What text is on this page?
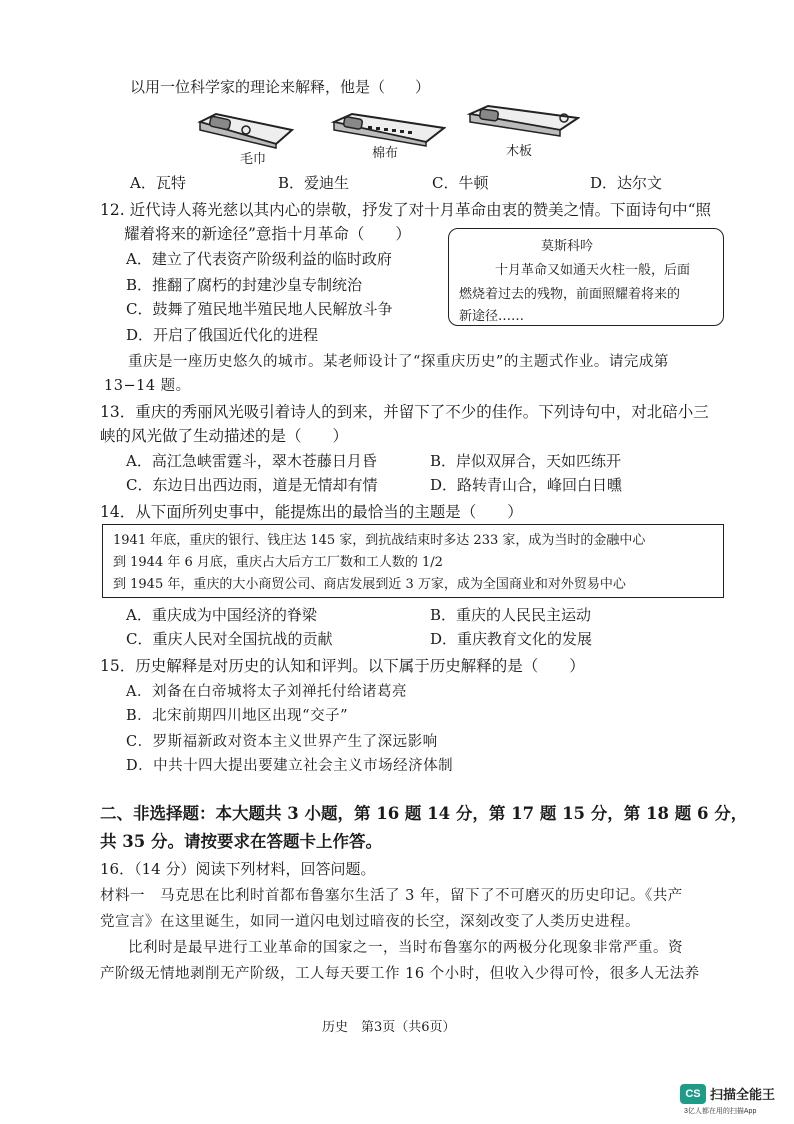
以用一位科学家的理论来解释，他是（　　）
毛巾	棉布	木板
A．瓦特	B．爱迪生	C．牛顿	D．达尔文
12. 近代诗人蒋光慈以其内心的崇敬，抒发了对十月革命由衷的赞美之情。下面诗句中“照
耀着将来的新途径”意指十月革命（　　）
A．建立了代表资产阶级利益的临时政府
B．推翻了腐朽的封建沙皇专制统治
C．鼓舞了殖民地半殖民地人民解放斗争
D．开启了俄国近代化的进程
莫斯科吟
十月革命又如通天火柱一般，后面
燃烧着过去的残物，前面照耀着将来的
新途径……
重庆是一座历史悠久的城市。某老师设计了“探重庆历史”的主题式作业。请完成第
13−14 题。
13．重庆的秀丽风光吸引着诗人的到来，并留下了不少的佳作。下列诗句中，对北碚小三
峡的风光做了生动描述的是（　　）
A．高江急峡雷霆斗，翠木苍藤日月昏	B．岸似双屏合，天如匹练开
C．东边日出西边雨，道是无情却有情	D．路转青山合，峰回白日曛
14．从下面所列史事中，能提炼出的最恰当的主题是（　　）
1941 年底，重庆的银行、钱庄达 145 家，到抗战结束时多达 233 家，成为当时的金融中心
到 1944 年 6 月底，重庆占大后方工厂数和工人数的 1/2
到 1945 年，重庆的大小商贸公司、商店发展到近 3 万家，成为全国商业和对外贸易中心
A．重庆成为中国经济的脊梁	B．重庆的人民民主运动
C．重庆人民对全国抗战的贡献	D．重庆教育文化的发展
15．历史解释是对历史的认知和评判。以下属于历史解释的是（　　）
A．刘备在白帝城将太子刘禅托付给诸葛亮
B．北宋前期四川地区出现“交子”
C．罗斯福新政对资本主义世界产生了深远影响
D．中共十四大提出要建立社会主义市场经济体制
二、非选择题：本大题共 3 小题，第 16 题 14 分，第 17 题 15 分，第 18 题 6 分，
共 35 分。请按要求在答题卡上作答。
16．（14 分）阅读下列材料，回答问题。
材料一　马克思在比利时首都布鲁塞尔生活了 3 年，留下了不可磨灭的历史印记。《共产
党宣言》在这里诞生，如同一道闪电划过暗夜的长空，深刻改变了人类历史进程。
比利时是最早进行工业革命的国家之一，当时布鲁塞尔的两极分化现象非常严重。资
产阶级无情地剥削无产阶级，工人每天要工作 16 个小时，但收入少得可怜，很多人无法养
历史　第3页（共6页）
CS 扫描全能王
3亿人都在用的扫描App
